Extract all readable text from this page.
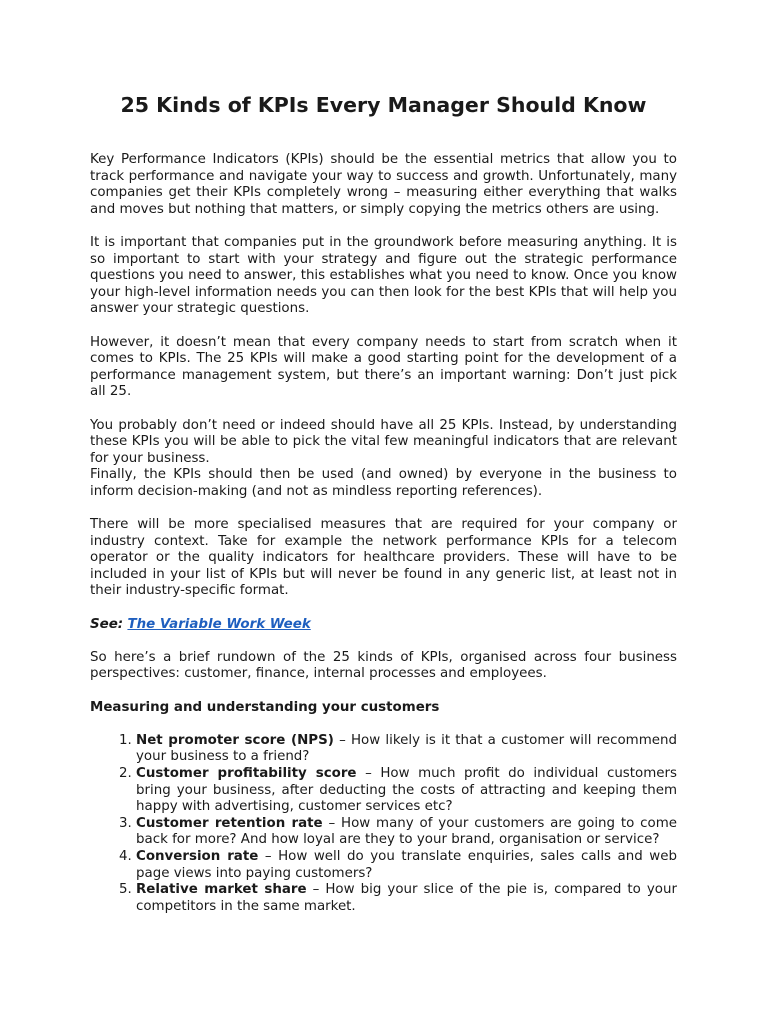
25 Kinds of KPIs Every Manager Should Know

Key Performance Indicators (KPIs) should be the essential metrics that allow you to track performance and navigate your way to success and growth. Unfortunately, many companies get their KPIs completely wrong – measuring either everything that walks and moves but nothing that matters, or simply copying the metrics others are using.

It is important that companies put in the groundwork before measuring anything. It is so important to start with your strategy and figure out the strategic performance questions you need to answer, this establishes what you need to know. Once you know your high-level information needs you can then look for the best KPIs that will help you answer your strategic questions.

However, it doesn’t mean that every company needs to start from scratch when it comes to KPIs. The 25 KPIs will make a good starting point for the development of a performance management system, but there’s an important warning: Don’t just pick all 25.

You probably don’t need or indeed should have all 25 KPIs. Instead, by understanding these KPIs you will be able to pick the vital few meaningful indicators that are relevant for your business.

Finally, the KPIs should then be used (and owned) by everyone in the business to inform decision-making (and not as mindless reporting references).

There will be more specialised measures that are required for your company or industry context. Take for example the network performance KPIs for a telecom operator or the quality indicators for healthcare providers. These will have to be included in your list of KPIs but will never be found in any generic list, at least not in their industry-specific format.

See: The Variable Work Week

So here’s a brief rundown of the 25 kinds of KPIs, organised across four business perspectives: customer, finance, internal processes and employees.

Measuring and understanding your customers

1. Net promoter score (NPS) – How likely is it that a customer will recommend your business to a friend?
2. Customer profitability score – How much profit do individual customers bring your business, after deducting the costs of attracting and keeping them happy with advertising, customer services etc?
3. Customer retention rate – How many of your customers are going to come back for more? And how loyal are they to your brand, organisation or service?
4. Conversion rate – How well do you translate enquiries, sales calls and web page views into paying customers?
5. Relative market share – How big your slice of the pie is, compared to your competitors in the same market.
